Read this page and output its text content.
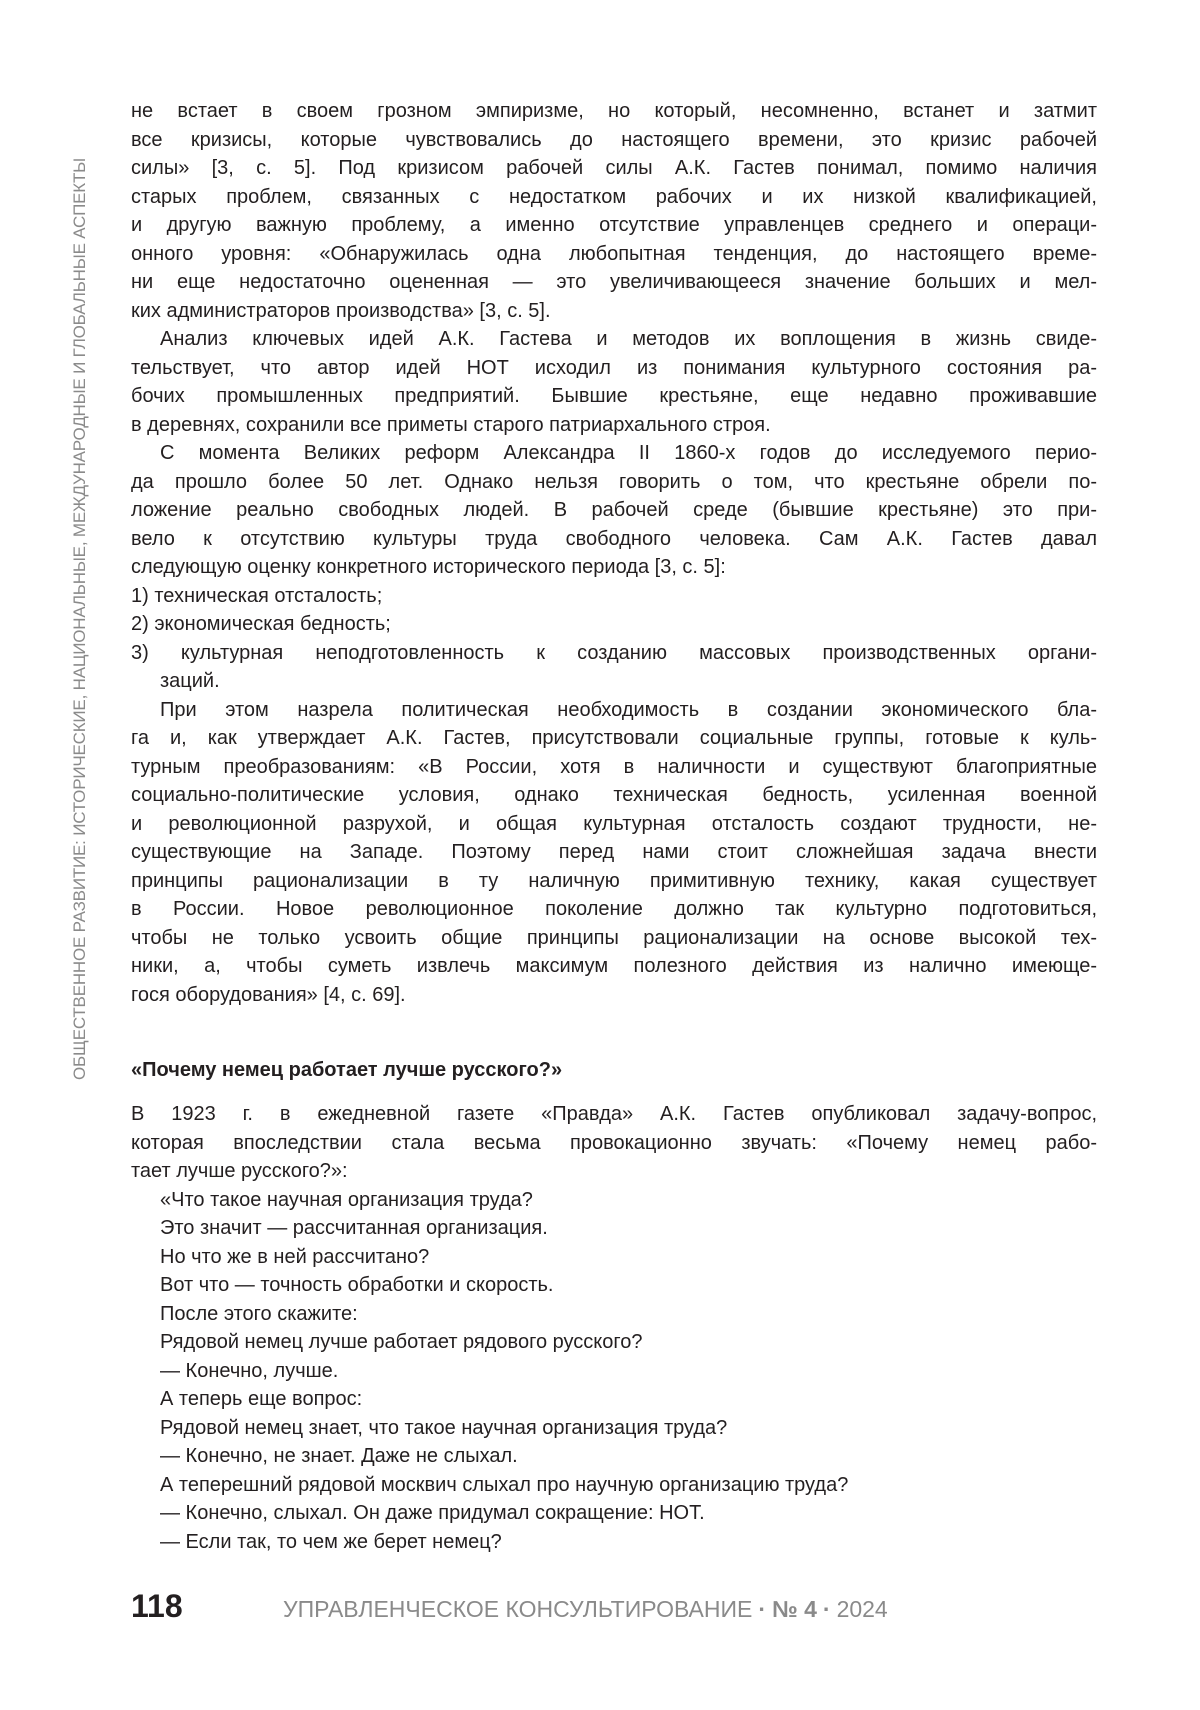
ОБЩЕСТВЕННОЕ РАЗВИТИЕ: ИСТОРИЧЕСКИЕ, НАЦИОНАЛЬНЫЕ, МЕЖДУНАРОДНЫЕ И ГЛОБАЛЬНЫЕ АСПЕКТЫ
не встает в своем грозном эмпиризме, но который, несомненно, встанет и затмит
все кризисы, которые чувствовались до настоящего времени, это кризис рабочей
силы» [3, с. 5]. Под кризисом рабочей силы А.К. Гастев понимал, помимо наличия
старых проблем, связанных с недостатком рабочих и их низкой квалификацией,
и другую важную проблему, а именно отсутствие управленцев среднего и операци-
онного уровня: «Обнаружилась одна любопытная тенденция, до настоящего време-
ни еще недостаточно оцененная — это увеличивающееся значение больших и мел-
ких администраторов производства» [3, с. 5].
Анализ ключевых идей А.К. Гастева и методов их воплощения в жизнь свиде-
тельствует, что автор идей НОТ исходил из понимания культурного состояния ра-
бочих промышленных предприятий. Бывшие крестьяне, еще недавно проживавшие
в деревнях, сохранили все приметы старого патриархального строя.
С момента Великих реформ Александра II 1860-х годов до исследуемого перио-
да прошло более 50 лет. Однако нельзя говорить о том, что крестьяне обрели по-
ложение реально свободных людей. В рабочей среде (бывшие крестьяне) это при-
вело к отсутствию культуры труда свободного человека. Сам А.К. Гастев давал
следующую оценку конкретного исторического периода [3, с. 5]:
1) техническая отсталость;
2) экономическая бедность;
3) культурная неподготовленность к созданию массовых производственных органи-
заций.
При этом назрела политическая необходимость в создании экономического бла-
га и, как утверждает А.К. Гастев, присутствовали социальные группы, готовые к куль-
турным преобразованиям: «В России, хотя в наличности и существуют благоприятные
социально-политические условия, однако техническая бедность, усиленная военной
и революционной разрухой, и общая культурная отсталость создают трудности, не-
существующие на Западе. Поэтому перед нами стоит сложнейшая задача внести
принципы рационализации в ту наличную примитивную технику, какая существует
в России. Новое революционное поколение должно так культурно подготовиться,
чтобы не только усвоить общие принципы рационализации на основе высокой тех-
ники, а, чтобы суметь извлечь максимум полезного действия из налично имеюще-
гося оборудования» [4, с. 69].
«Почему немец работает лучше русского?»
В 1923 г. в ежедневной газете «Правда» А.К. Гастев опубликовал задачу-вопрос,
которая впоследствии стала весьма провокационно звучать: «Почему немец рабо-
тает лучше русского?»:
«Что такое научная организация труда?
Это значит — рассчитанная организация.
Но что же в ней рассчитано?
Вот что — точность обработки и скорость.
После этого скажите:
Рядовой немец лучше работает рядового русского?
— Конечно, лучше.
А теперь еще вопрос:
Рядовой немец знает, что такое научная организация труда?
— Конечно, не знает. Даже не слыхал.
А теперешний рядовой москвич слыхал про научную организацию труда?
— Конечно, слыхал. Он даже придумал сокращение: НОТ.
— Если так, то чем же берет немец?
118	УПРАВЛЕНЧЕСКОЕ КОНСУЛЬТИРОВАНИЕ · № 4 · 2024
